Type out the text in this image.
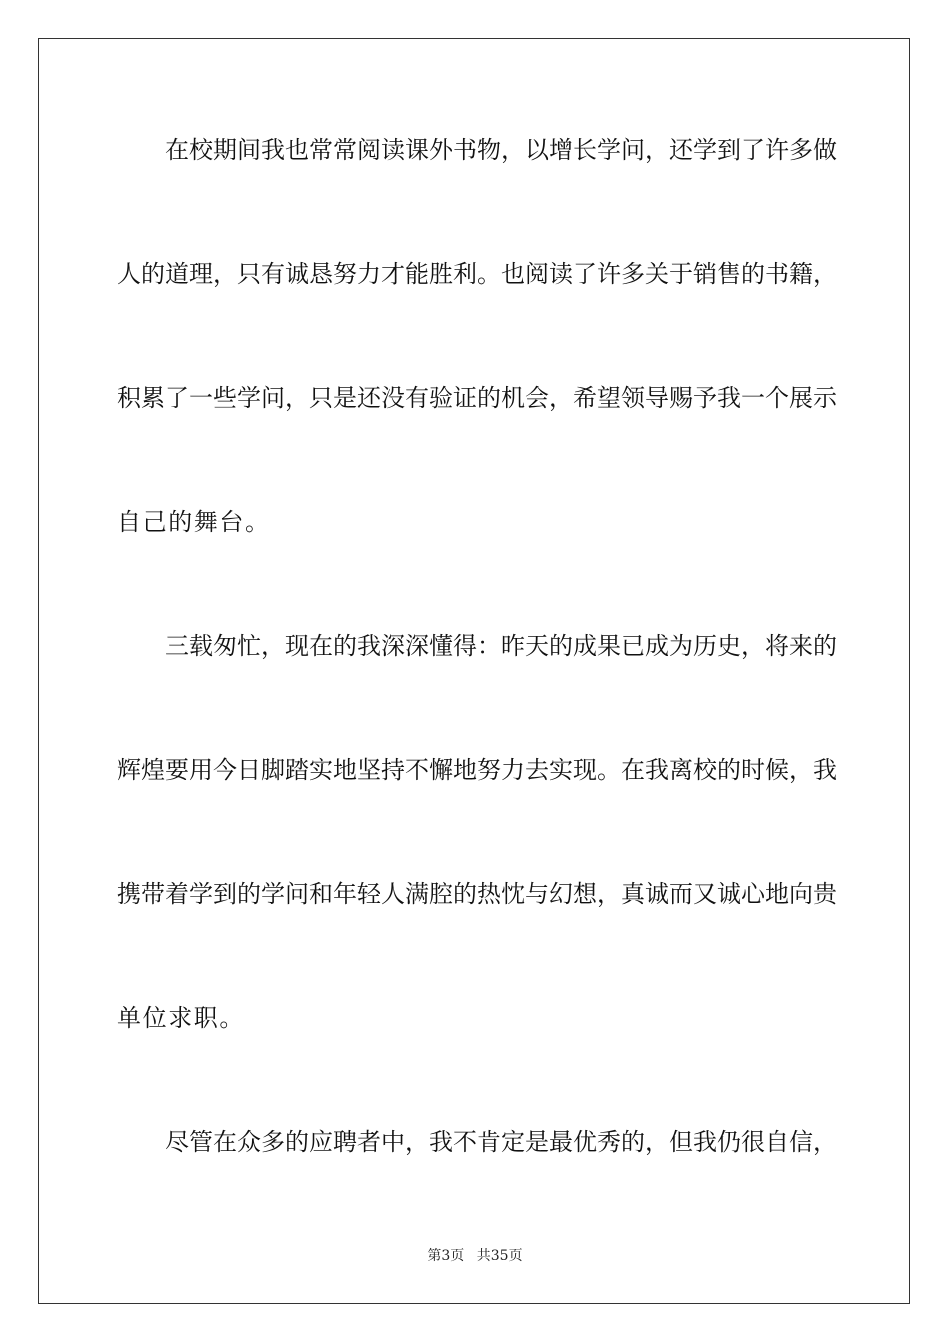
在校期间我也常常阅读课外书物，以增长学问，还学到了许多做
人的道理，只有诚恳努力才能胜利。也阅读了许多关于销售的书籍，
积累了一些学问，只是还没有验证的机会，希望领导赐予我一个展示
自己的舞台。
三载匆忙，现在的我深深懂得：昨天的成果已成为历史，将来的
辉煌要用今日脚踏实地坚持不懈地努力去实现。在我离校的时候，我
携带着学到的学问和年轻人满腔的热忱与幻想，真诚而又诚心地向贵
单位求职。
尽管在众多的应聘者中，我不肯定是最优秀的，但我仍很自信，
第3页 共35页
